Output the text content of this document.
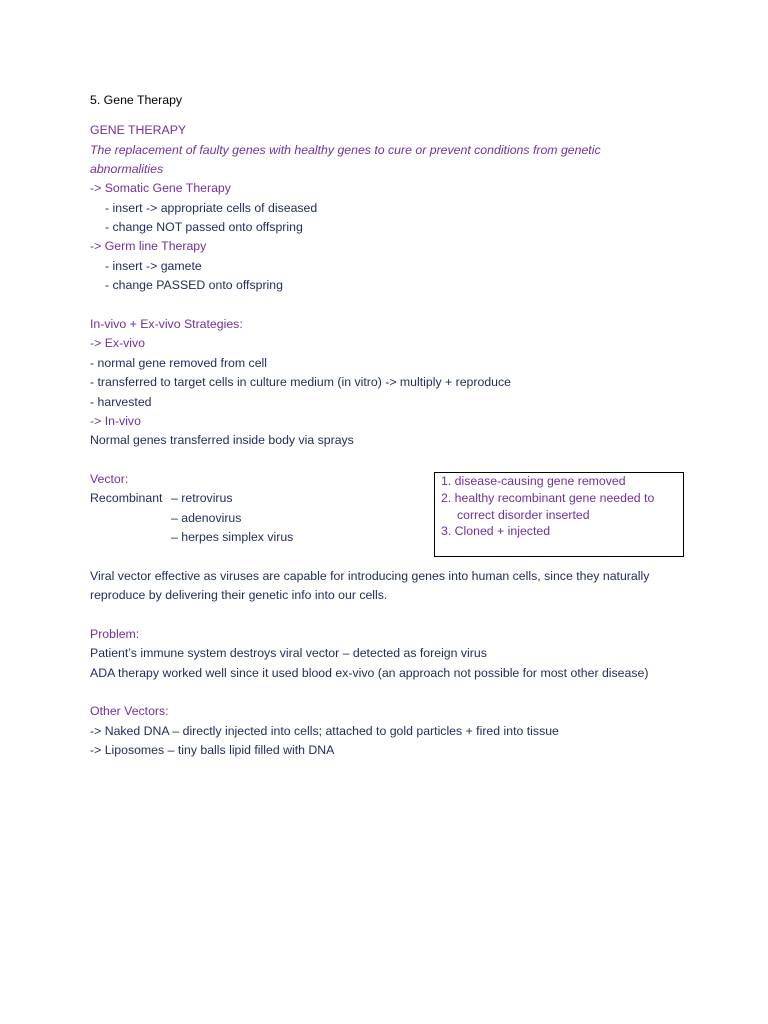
5. Gene Therapy
GENE THERAPY
The replacement of faulty genes with healthy genes to cure or prevent conditions from genetic
abnormalities
-> Somatic Gene Therapy
- insert -> appropriate cells of diseased
- change NOT passed onto offspring
-> Germ line Therapy
- insert -> gamete
- change PASSED onto offspring
In-vivo + Ex-vivo Strategies:
-> Ex-vivo
- normal gene removed from cell
- transferred to target cells in culture medium (in vitro) -> multiply + reproduce
- harvested
-> In-vivo
Normal genes transferred inside body via sprays
Vector:
Recombinant – retrovirus
– adenovirus
– herpes simplex virus
1. disease-causing gene removed
2. healthy recombinant gene needed to
correct disorder inserted
3. Cloned + injected
Viral vector effective as viruses are capable for introducing genes into human cells, since they naturally
reproduce by delivering their genetic info into our cells.
Problem:
Patient’s immune system destroys viral vector – detected as foreign virus
ADA therapy worked well since it used blood ex-vivo (an approach not possible for most other disease)
Other Vectors:
-> Naked DNA – directly injected into cells; attached to gold particles + fired into tissue
-> Liposomes – tiny balls lipid filled with DNA
